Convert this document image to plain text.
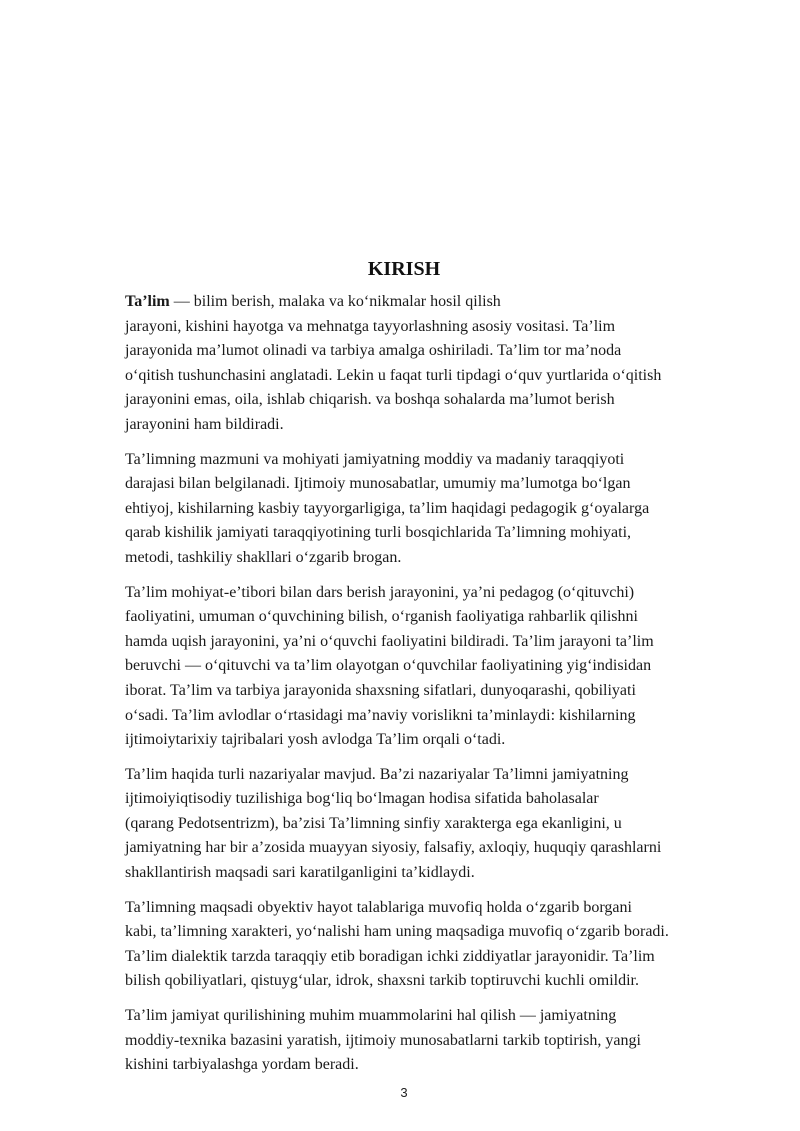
KIRISH

Ta’lim — bilim berish, malaka va koʻnikmalar hosil qilish
jarayoni, kishini hayotga va mehnatga tayyorlashning asosiy vositasi. Ta’lim
jarayonida ma’lumot olinadi va tarbiya amalga oshiriladi. Ta’lim tor ma’noda
oʻqitish tushunchasini anglatadi. Lekin u faqat turli tipdagi oʻquv yurtlarida oʻqitish
jarayonini emas, oila, ishlab chiqarish. va boshqa sohalarda ma’lumot berish
jarayonini ham bildiradi.

Ta’limning mazmuni va mohiyati jamiyatning moddiy va madaniy taraqqiyoti
darajasi bilan belgilanadi. Ijtimoiy munosabatlar, umumiy ma’lumotga boʻlgan
ehtiyoj, kishilarning kasbiy tayyorgarligiga, ta’lim haqidagi pedagogik gʻoyalarga
qarab kishilik jamiyati taraqqiyotining turli bosqichlarida Ta’limning mohiyati,
metodi, tashkiliy shakllari oʻzgarib brogan.

Ta’lim mohiyat-e’tibori bilan dars berish jarayonini, ya’ni pedagog (oʻqituvchi)
faoliyatini, umuman oʻquvchining bilish, oʻrganish faoliyatiga rahbarlik qilishni
hamda uqish jarayonini, ya’ni oʻquvchi faoliyatini bildiradi. Ta’lim jarayoni ta’lim
beruvchi — oʻqituvchi va ta’lim olayotgan oʻquvchilar faoliyatining yigʻindisidan
iborat. Ta’lim va tarbiya jarayonida shaxsning sifatlari, dunyoqarashi, qobiliyati
oʻsadi. Ta’lim avlodlar oʻrtasidagi ma’naviy vorislikni ta’minlaydi: kishilarning
ijtimoiytarixiy tajribalari yosh avlodga Ta’lim orqali oʻtadi.

Ta’lim haqida turli nazariyalar mavjud. Ba’zi nazariyalar Ta’limni jamiyatning
ijtimoiyiqtisodiy tuzilishiga bogʻliq boʻlmagan hodisa sifatida baholasalar
(qarang Pedotsentrizm), ba’zisi Ta’limning sinfiy xarakterga ega ekanligini, u
jamiyatning har bir a’zosida muayyan siyosiy, falsafiy, axloqiy, huquqiy qarashlarni
shakllantirish maqsadi sari karatilganligini ta’kidlaydi.

Ta’limning maqsadi obyektiv hayot talablariga muvofiq holda oʻzgarib borgani
kabi, ta’limning xarakteri, yoʻnalishi ham uning maqsadiga muvofiq oʻzgarib boradi.
Ta’lim dialektik tarzda taraqqiy etib boradigan ichki ziddiyatlar jarayonidir. Ta’lim
bilish qobiliyatlari, qistuygʻular, idrok, shaxsni tarkib toptiruvchi kuchli omildir.

Ta’lim jamiyat qurilishining muhim muammolarini hal qilish — jamiyatning
moddiy-texnika bazasini yaratish, ijtimoiy munosabatlarni tarkib toptirish, yangi
kishini tarbiyalashga yordam beradi.

3
